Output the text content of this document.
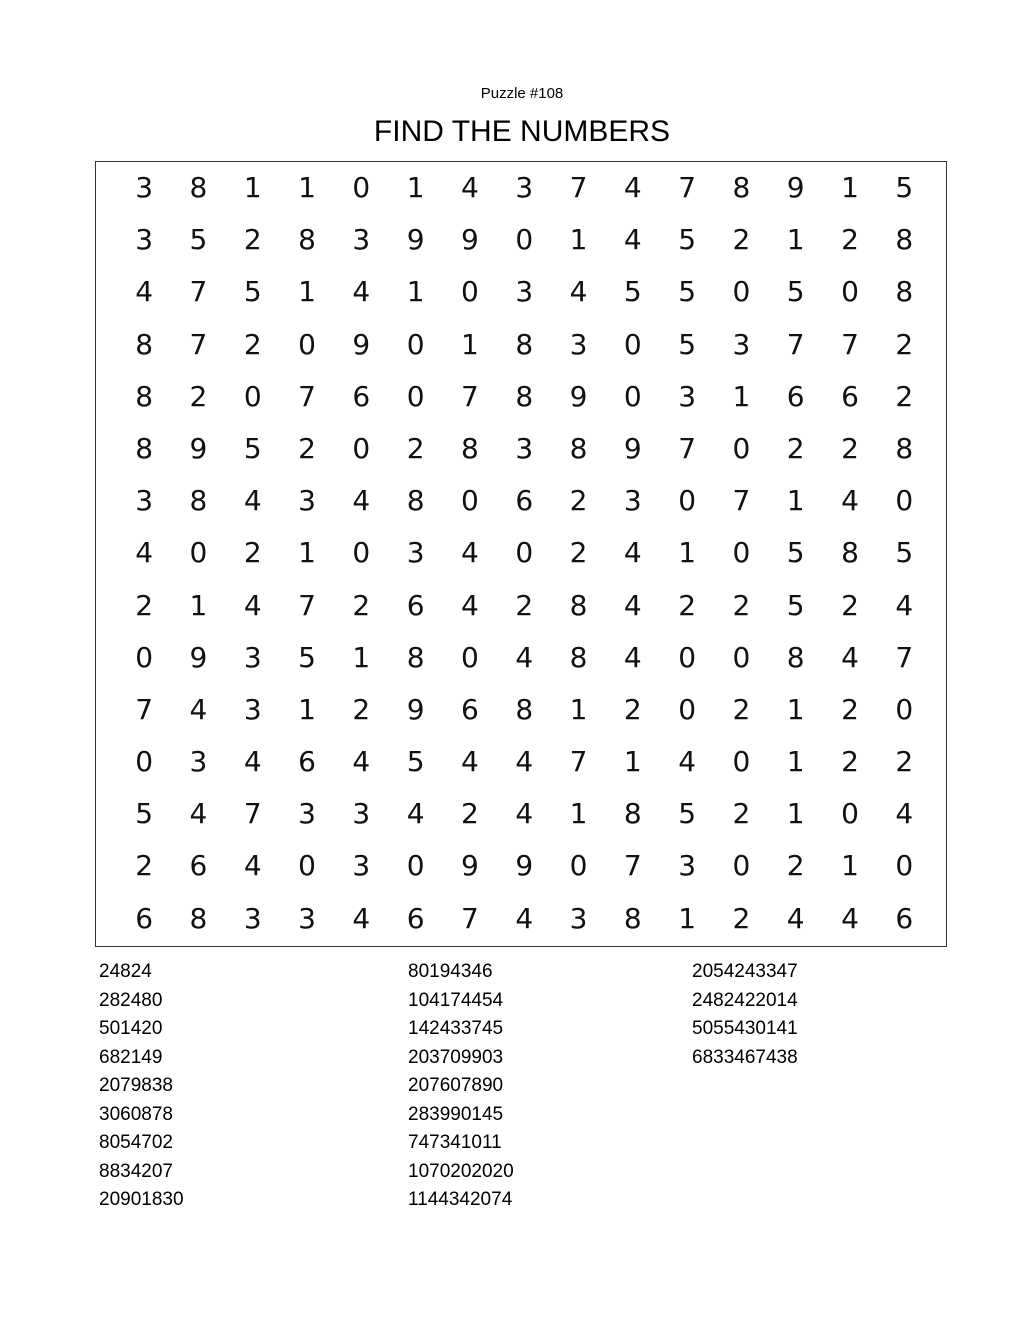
Puzzle #108
FIND THE NUMBERS
3	8	1	1	0	1	4	3	7	4	7	8	9	1	5
3	5	2	8	3	9	9	0	1	4	5	2	1	2	8
4	7	5	1	4	1	0	3	4	5	5	0	5	0	8
8	7	2	0	9	0	1	8	3	0	5	3	7	7	2
8	2	0	7	6	0	7	8	9	0	3	1	6	6	2
8	9	5	2	0	2	8	3	8	9	7	0	2	2	8
3	8	4	3	4	8	0	6	2	3	0	7	1	4	0
4	0	2	1	0	3	4	0	2	4	1	0	5	8	5
2	1	4	7	2	6	4	2	8	4	2	2	5	2	4
0	9	3	5	1	8	0	4	8	4	0	0	8	4	7
7	4	3	1	2	9	6	8	1	2	0	2	1	2	0
0	3	4	6	4	5	4	4	7	1	4	0	1	2	2
5	4	7	3	3	4	2	4	1	8	5	2	1	0	4
2	6	4	0	3	0	9	9	0	7	3	0	2	1	0
6	8	3	3	4	6	7	4	3	8	1	2	4	4	6
24824
282480
501420
682149
2079838
3060878
8054702
8834207
20901830
80194346
104174454
142433745
203709903
207607890
283990145
747341011
1070202020
1144342074
2054243347
2482422014
5055430141
6833467438
